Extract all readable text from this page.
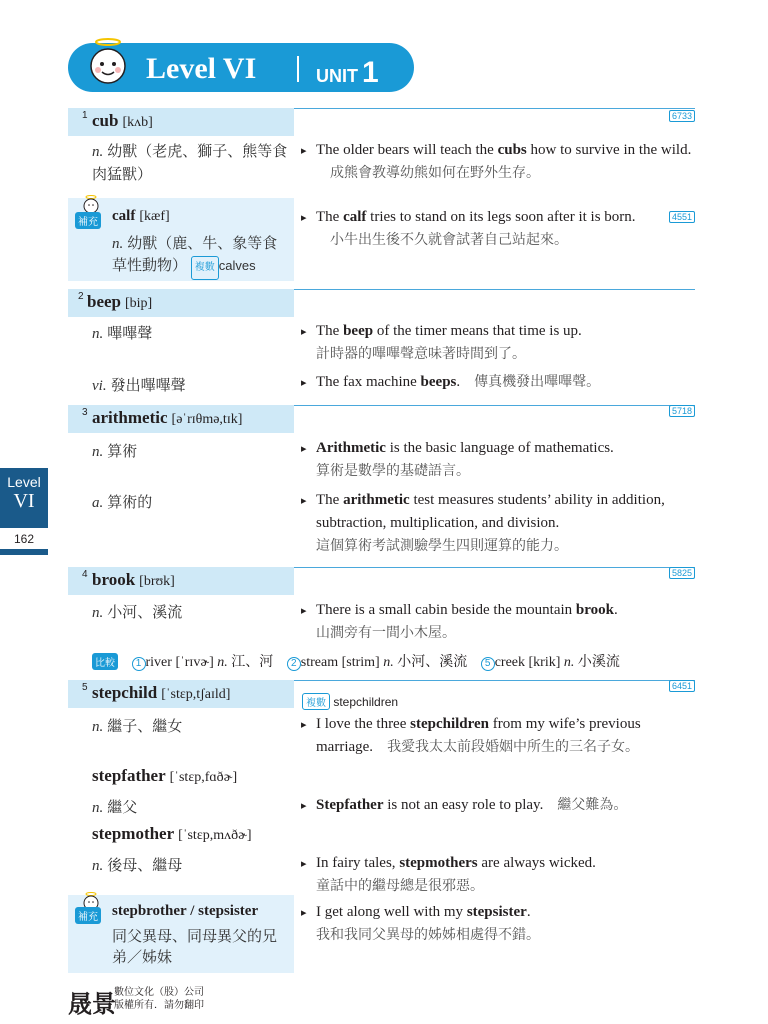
Level VI	UNIT 1
Level
VI
162
1 cub [kʌb]	6733
n. 幼獸（老虎、獅子、熊等食肉猛獸）
▸ The older bears will teach the cubs how to survive in the wild.成熊會教導幼熊如何在野外生存。
補充 calf [kæf]
n. 幼獸（鹿、牛、象等食草性動物） 複數 calves
4551
▸ The calf tries to stand on its legs soon after it is born.小牛出生後不久就會試著自己站起來。
2 beep [bip]
n. 嗶嗶聲	▸ The beep of the timer means that time is up.
計時器的嗶嗶聲意味著時間到了。
vi. 發出嗶嗶聲	▸ The fax machine beeps. 傳真機發出嗶嗶聲。
3 arithmetic [əˈrɪθmə,tɪk]
5718
n. 算術	▸ Arithmetic is the basic language of mathematics.
算術是數學的基礎語言。
a. 算術的	▸ The arithmetic test measures students’ ability in addition, subtraction, multiplication, and division.
這個算術考試測驗學生四則運算的能力。
4 brook [brʊk]
5825
n. 小河、溪流	▸ There is a small cabin beside the mountain brook.
山澗旁有一間小木屋。
比較 1 river [ˈrɪvɚ] n. 江、河 2 stream [strim] n. 小河、溪流 5 creek [krik] n. 小溪流
5 stepchild [ˈstɛp,tʃaɪld]
6451
複數 stepchildren
n. 繼子、繼女	▸ I love the three stepchildren from my wife’s previous marriage. 我愛我太太前段婚姻中所生的三名子女。
stepfather [ˈstɛp,fɑðɚ]
n. 繼父	▸ Stepfather is not an easy role to play. 繼父難為。
stepmother [ˈstɛp,mʌðɚ]
n. 後母、繼母	▸ In fairy tales, stepmothers are always wicked.
童話中的繼母總是很邪惡。
補充 stepbrother / stepsister
同父異母、同母異父的兄弟／姊妹
▸ I get along well with my stepsister.
我和我同父異母的姊姊相處得不錯。
晟景
數位文化（股）公司
版權所有．請勿翻印
